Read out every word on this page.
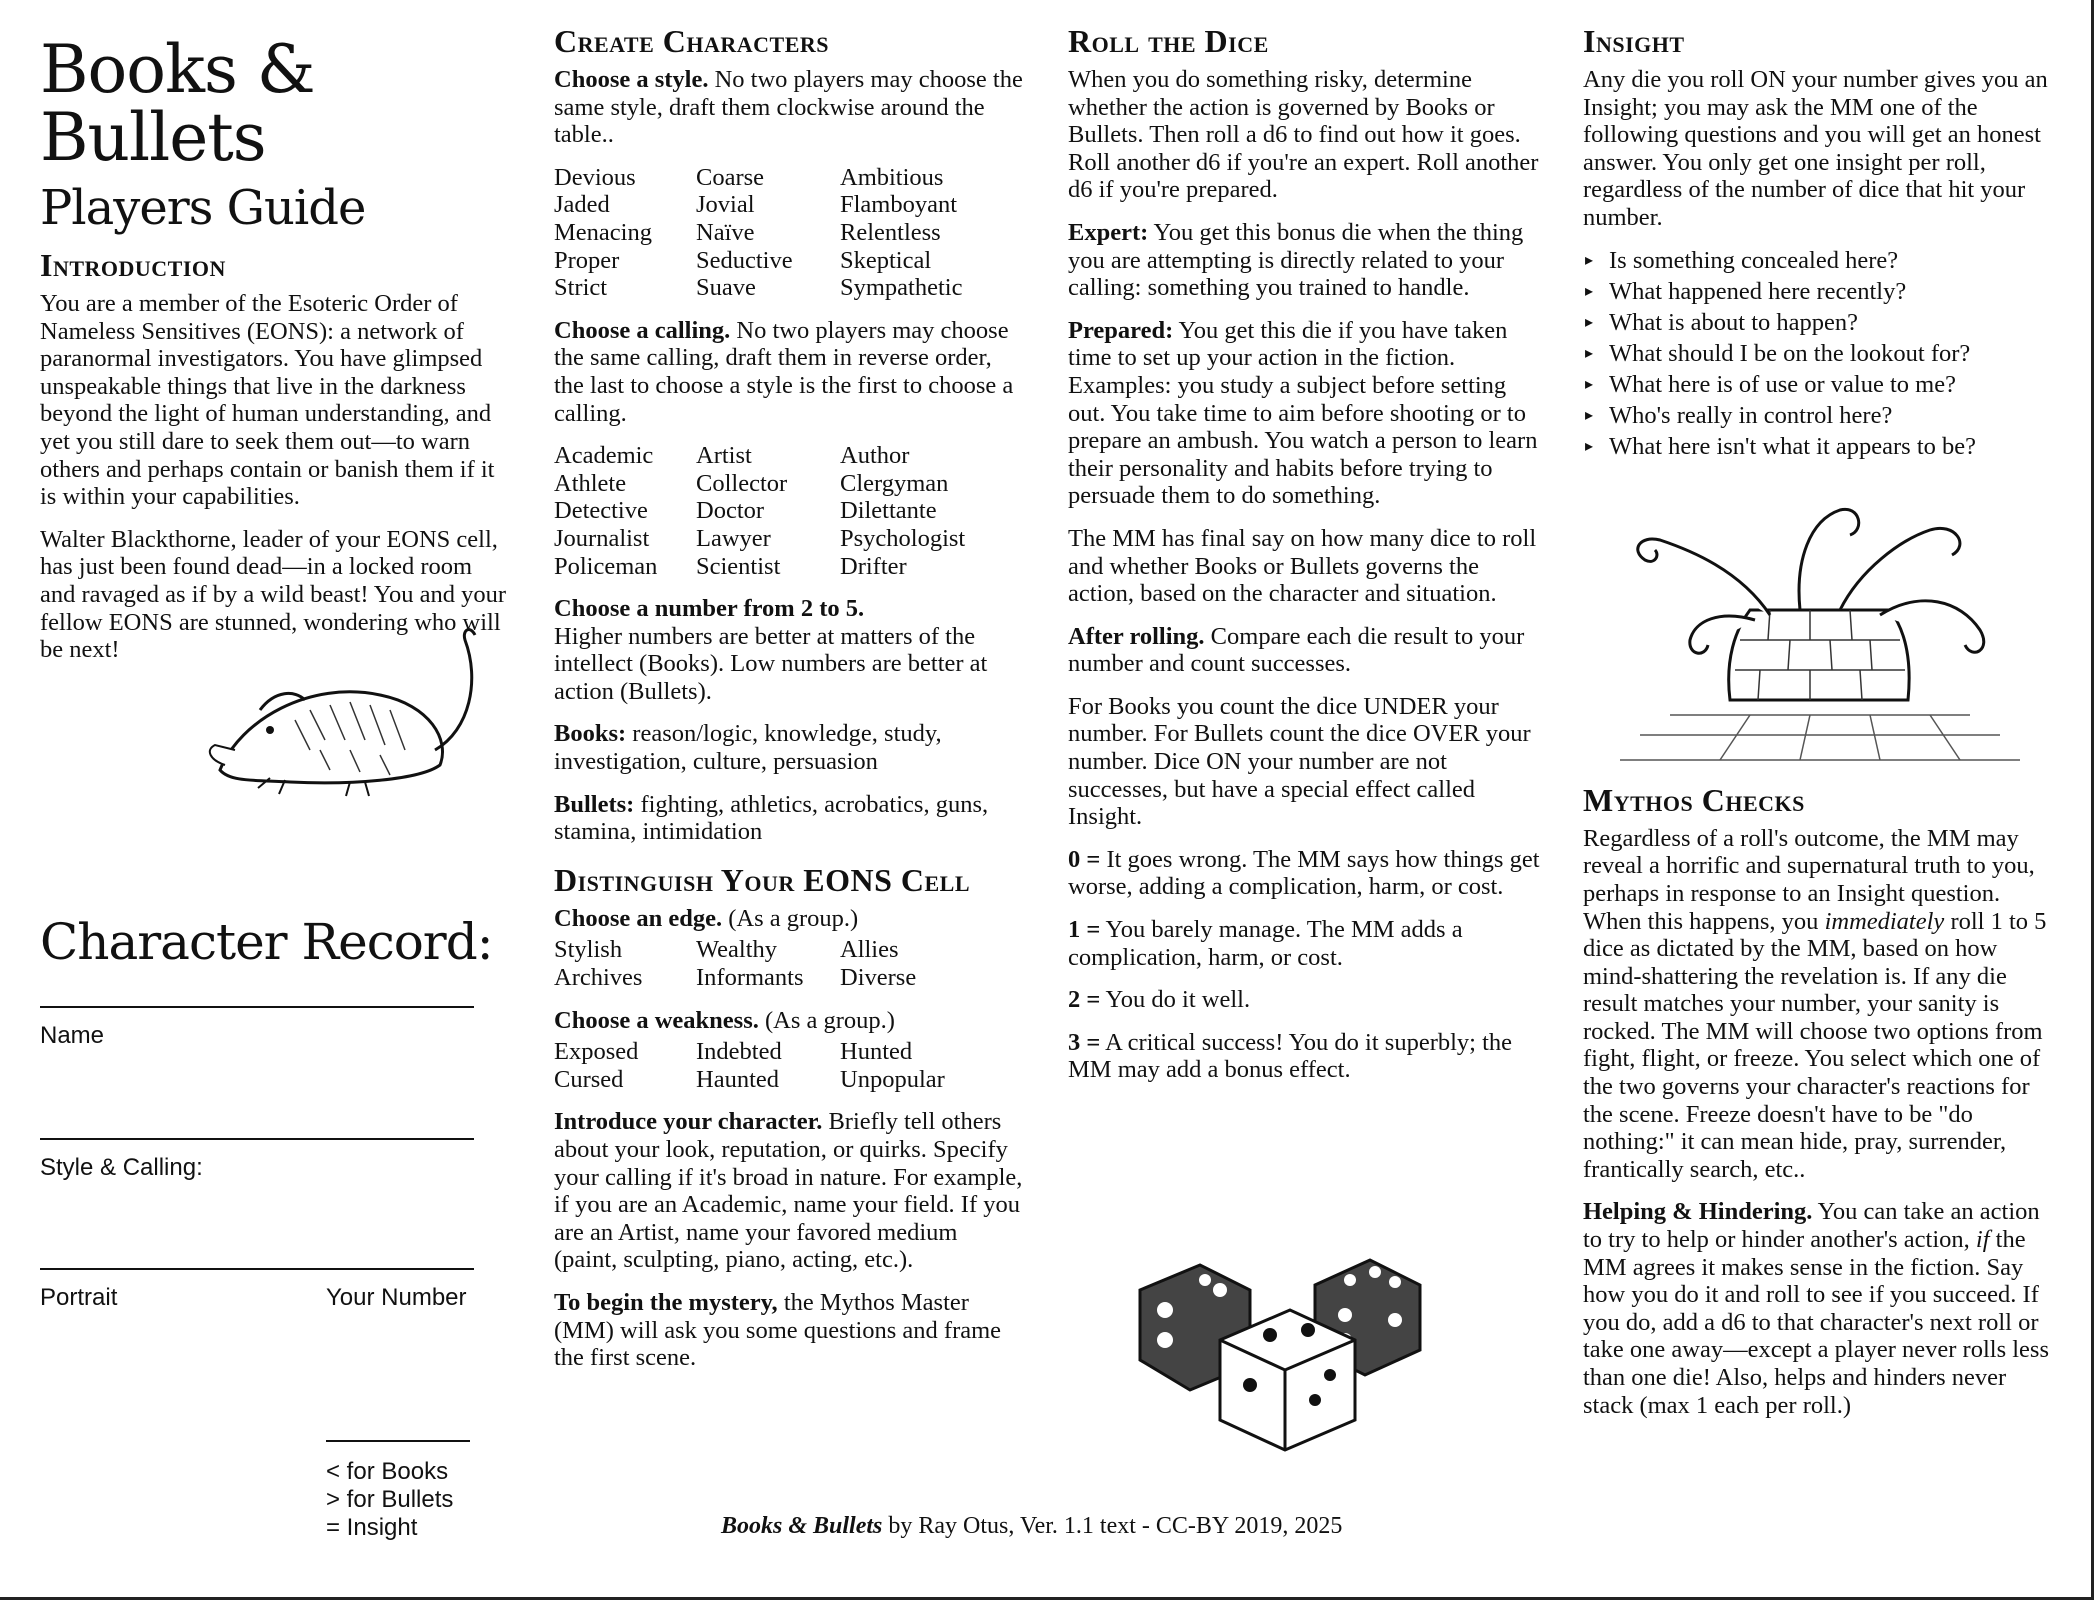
Books & Bullets
Players Guide
Introduction

You are a member of the Esoteric Order of Nameless Sensitives (EONS): a network of paranormal investigators. You have glimpsed unspeakable things that live in the darkness beyond the light of human understanding, and yet you still dare to seek them out—to warn others and perhaps contain or banish them if it is within your capabilities.

Walter Blackthorne, leader of your EONS cell, has just been found dead—in a locked room and ravaged as if by a wild beast! You and your fellow EONS are stunned, wondering who will be next!

Character Record:
Name
Style & Calling:
Portrait	Your Number
< for Books
> for Bullets
= Insight
Create Characters

Choose a style. No two players may choose the same style, draft them clockwise around the table..

Devious	Coarse	Ambitious
Jaded	Jovial	Flamboyant
Menacing	Naïve	Relentless
Proper	Seductive	Skeptical
Strict	Suave	Sympathetic

Choose a calling. No two players may choose the same calling, draft them in reverse order, the last to choose a style is the first to choose a calling.

Academic	Artist	Author
Athlete	Collector	Clergyman
Detective	Doctor	Dilettante
Journalist	Lawyer	Psychologist
Policeman	Scientist	Drifter

Choose a number from 2 to 5.
Higher numbers are better at matters of the intellect (Books). Low numbers are better at action (Bullets).

Books: reason/logic, knowledge, study, investigation, culture, persuasion

Bullets: fighting, athletics, acrobatics, guns, stamina, intimidation

Distinguish Your EONS Cell

Choose an edge. (As a group.)

Stylish	Wealthy	Allies
Archives	Informants	Diverse

Choose a weakness. (As a group.)

Exposed	Indebted	Hunted
Cursed	Haunted	Unpopular

Introduce your character. Briefly tell others about your look, reputation, or quirks. Specify your calling if it's broad in nature. For example, if you are an Academic, name your field. If you are an Artist, name your favored medium (paint, sculpting, piano, acting, etc.).

To begin the mystery, the Mythos Master (MM) will ask you some questions and frame the first scene.

Roll the Dice

When you do something risky, determine whether the action is governed by Books or Bullets. Then roll a d6 to find out how it goes. Roll another d6 if you're an expert. Roll another d6 if you're prepared.

Expert: You get this bonus die when the thing you are attempting is directly related to your calling: something you trained to handle.

Prepared: You get this die if you have taken time to set up your action in the fiction. Examples: you study a subject before setting out. You take time to aim before shooting or to prepare an ambush. You watch a person to learn their personality and habits before trying to persuade them to do something.

The MM has final say on how many dice to roll and whether Books or Bullets governs the action, based on the character and situation.

After rolling. Compare each die result to your number and count successes.

For Books you count the dice UNDER your number. For Bullets count the dice OVER your number. Dice ON your number are not successes, but have a special effect called Insight.

0 = It goes wrong. The MM says how things get worse, adding a complication, harm, or cost.

1 = You barely manage. The MM adds a complication, harm, or cost.

2 = You do it well.

3 = A critical success! You do it superbly; the MM may add a bonus effect.

Insight

Any die you roll ON your number gives you an Insight; you may ask the MM one of the following questions and you will get an honest answer. You only get one insight per roll, regardless of the number of dice that hit your number.

▸ Is something concealed here?
▸ What happened here recently?
▸ What is about to happen?
▸ What should I be on the lookout for?
▸ What here is of use or value to me?
▸ Who's really in control here?
▸ What here isn't what it appears to be?
Mythos Checks

Regardless of a roll's outcome, the MM may reveal a horrific and supernatural truth to you, perhaps in response to an Insight question. When this happens, you immediately roll 1 to 5 dice as dictated by the MM, based on how mind-shattering the revelation is. If any die result matches your number, your sanity is rocked. The MM will choose two options from fight, flight, or freeze. You select which one of the two governs your character's reactions for the scene. Freeze doesn't have to be "do nothing:" it can mean hide, pray, surrender, frantically search, etc..

Helping & Hindering. You can take an action to try to help or hinder another's action, if the MM agrees it makes sense in the fiction. Say how you do it and roll to see if you succeed. If you do, add a d6 to that character's next roll or take one away—except a player never rolls less than one die! Also, helps and hinders never stack (max 1 each per roll.)

Books & Bullets by Ray Otus, Ver. 1.1 text - CC-BY 2019, 2025
